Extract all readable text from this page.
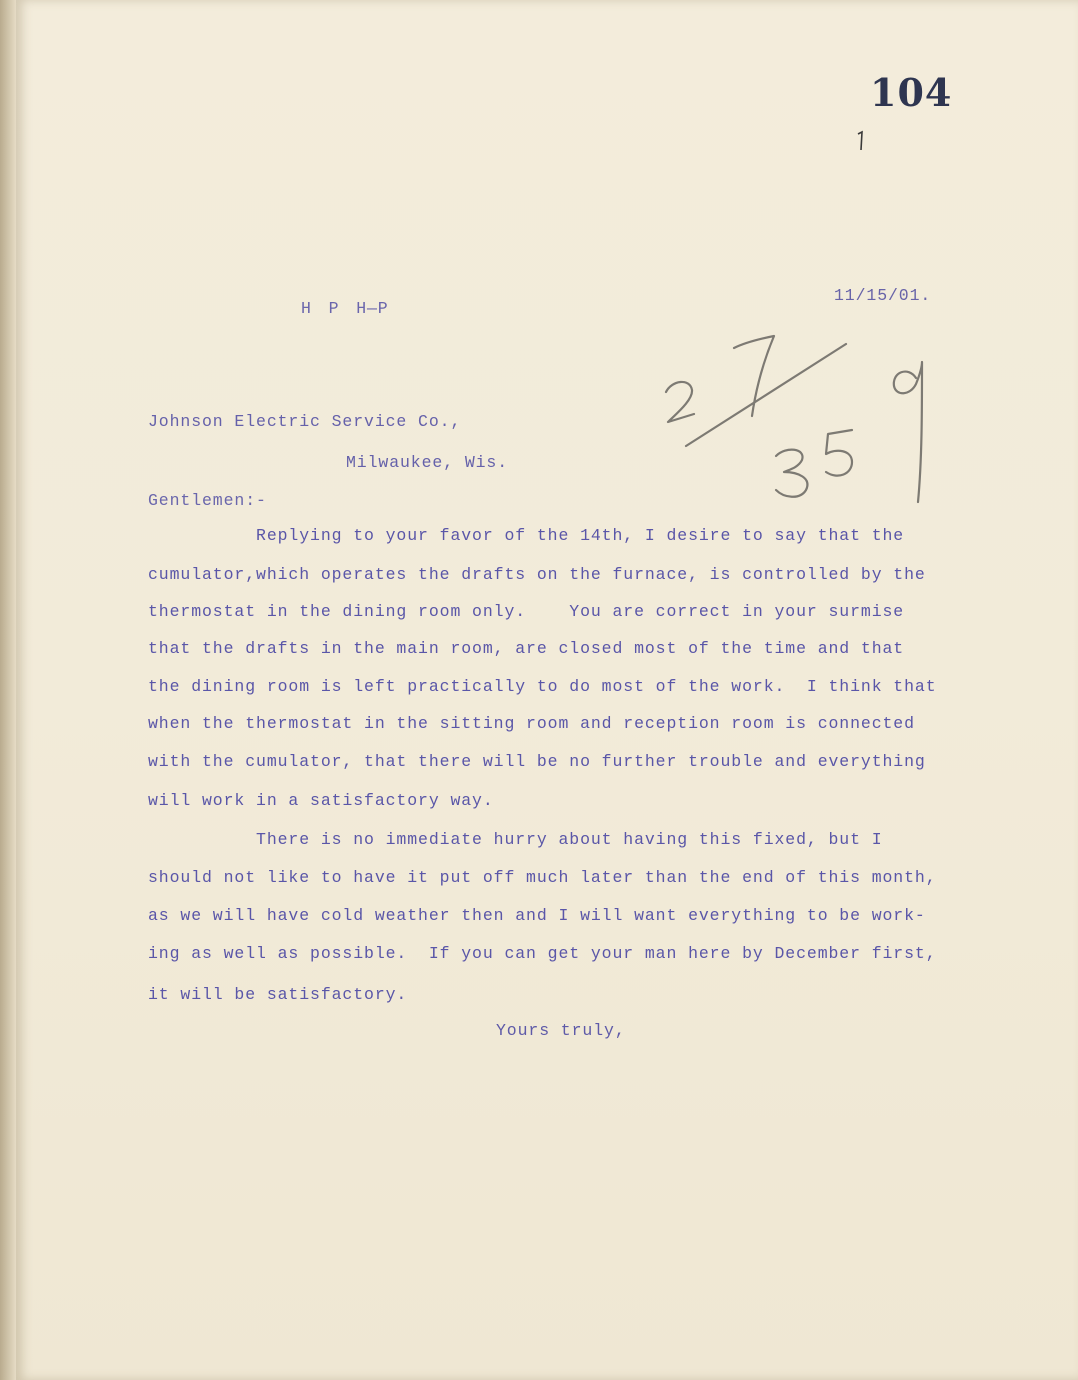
104
11/15/01.
H P H—P
Johnson Electric Service Co.,
Milwaukee, Wis.
Gentlemen:-
Replying to your favor of the 14th, I desire to say that the
cumulator,which operates the drafts on the furnace, is controlled by the
thermostat in the dining room only.    You are correct in your surmise
that the drafts in the main room, are closed most of the time and that
the dining room is left practically to do most of the work.  I think that
when the thermostat in the sitting room and reception room is connected
with the cumulator, that there will be no further trouble and everything
will work in a satisfactory way.
There is no immediate hurry about having this fixed, but I
should not like to have it put off much later than the end of this month,
as we will have cold weather then and I will want everything to be work-
ing as well as possible.  If you can get your man here by December first,
it will be satisfactory.
Yours truly,
